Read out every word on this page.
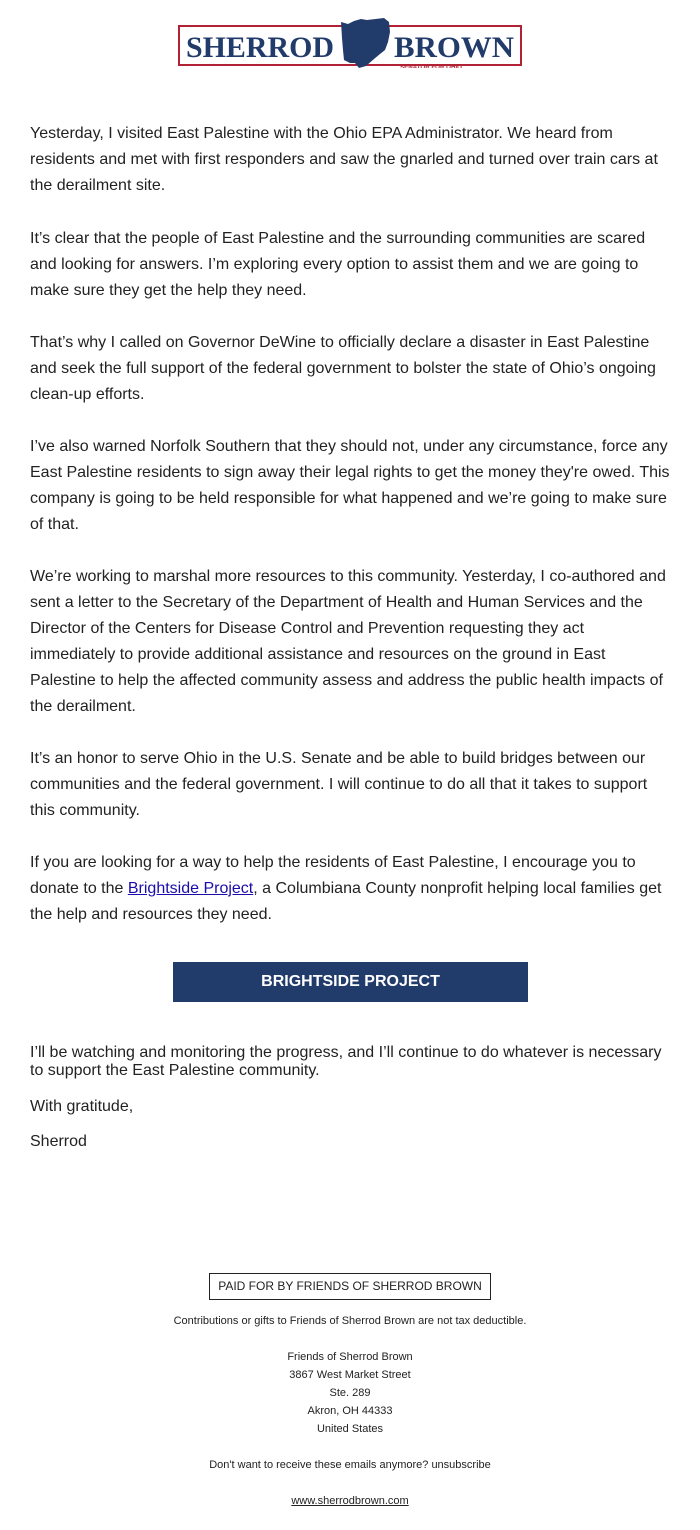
SHERROD BROWN
SENATOR FOR OHIO

Yesterday, I visited East Palestine with the Ohio EPA Administrator. We heard from residents and met with first responders and saw the gnarled and turned over train cars at the derailment site.

It’s clear that the people of East Palestine and the surrounding communities are scared and looking for answers. I’m exploring every option to assist them and we are going to make sure they get the help they need.

That’s why I called on Governor DeWine to officially declare a disaster in East Palestine and seek the full support of the federal government to bolster the state of Ohio’s ongoing clean-up efforts.

I’ve also warned Norfolk Southern that they should not, under any circumstance, force any East Palestine residents to sign away their legal rights to get the money they're owed. This company is going to be held responsible for what happened and we’re going to make sure of that.

We’re working to marshal more resources to this community. Yesterday, I co-authored and sent a letter to the Secretary of the Department of Health and Human Services and the Director of the Centers for Disease Control and Prevention requesting they act immediately to provide additional assistance and resources on the ground in East Palestine to help the affected community assess and address the public health impacts of the derailment.

It’s an honor to serve Ohio in the U.S. Senate and be able to build bridges between our communities and the federal government. I will continue to do all that it takes to support this community.

If you are looking for a way to help the residents of East Palestine, I encourage you to donate to the Brightside Project, a Columbiana County nonprofit helping local families get the help and resources they need.

BRIGHTSIDE PROJECT

I’ll be watching and monitoring the progress, and I’ll continue to do whatever is necessary to support the East Palestine community.

With gratitude,

Sherrod

PAID FOR BY FRIENDS OF SHERROD BROWN

Contributions or gifts to Friends of Sherrod Brown are not tax deductible.

Friends of Sherrod Brown

3867 West Market Street

Ste. 289

Akron, OH 44333

United States

Don't want to receive these emails anymore? unsubscribe

www.sherrodbrown.com
